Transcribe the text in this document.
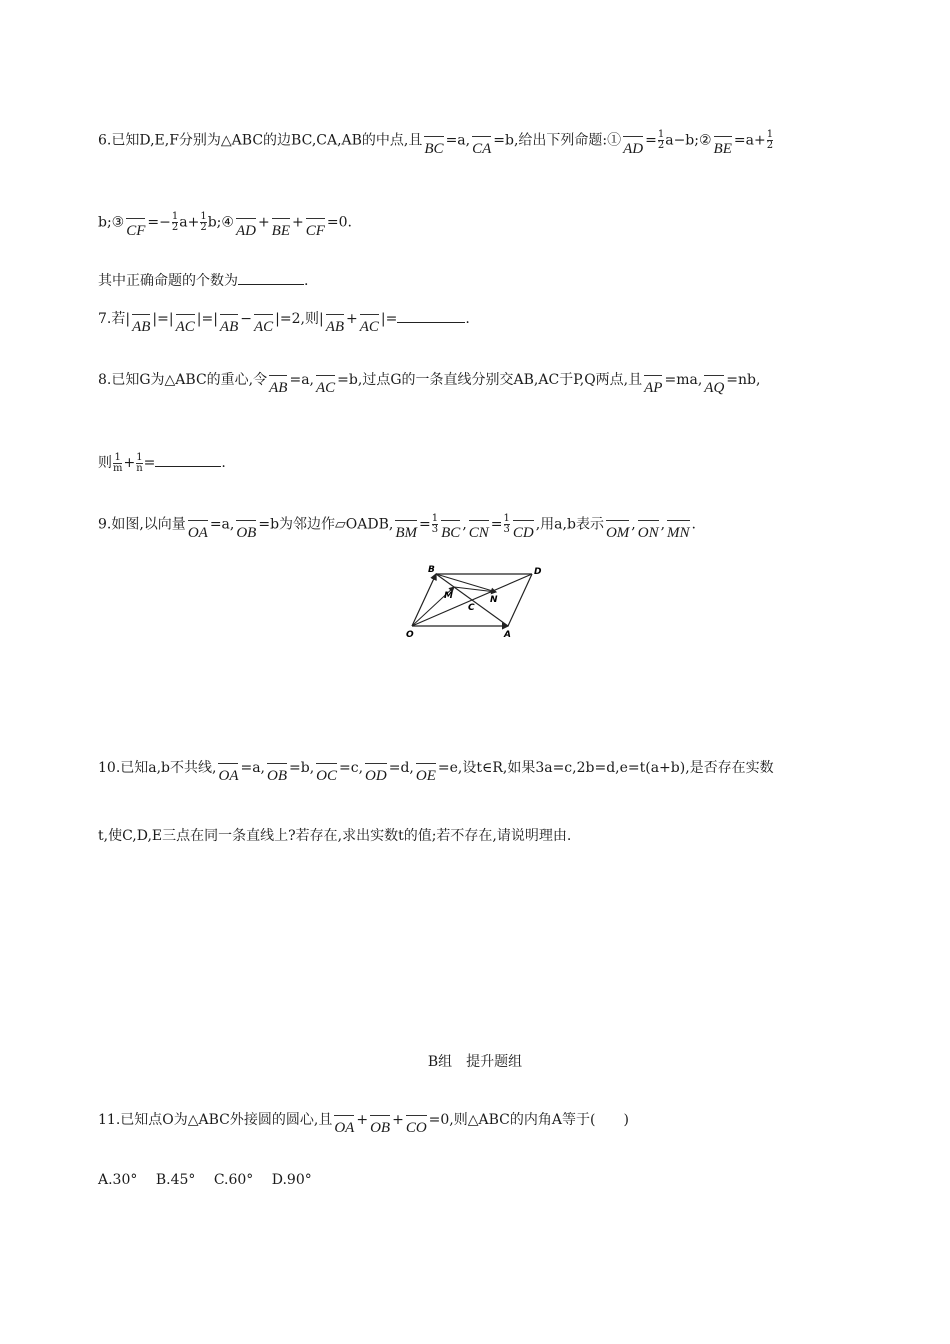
6.已知D,E,F分别为△ABC的边BC,CA,AB的中点,且 BC =a, CA =b,给出下列命题:① AD = $\frac{1}{2}$ a−b;② BE $=a+ \frac{1}{2}$
b;③ CF =− $\frac{1}{2} a+ \frac{1}{2}$ b;④ AD + BE + CF =0.
其中正确命题的个数为	.
7.若| AB |=| AC |=| AB − AC |=2,则| AB + AC |=	.
8.已知G为△ABC的重心,令 AB =a, AC =b,过点G的一条直线分别交AB,AC于P,Q两点,且 AP =ma, AQ =nb,
则 $\frac{1}{m} + \frac{1}{n}$ =	.
9.如图,以向量 OA =a, OB =b为邻边作▱OADB, BM = $\frac{1}{3}$ BC , CN = $\frac{1}{3}$ CD ,用a,b表示 OM , ON , MN .
O	A
B	D
M
C
N
10.已知a,b不共线, OA =a, OB =b, OC =c, OD =d, OE =e,设t∈R,如果3a=c,2b=d,e=t(a+b),是否存在实数
t,使C,D,E三点在同一条直线上?若存在,求出实数t的值;若不存在,请说明理由.
B组　提升题组
11.已知点O为△ABC外接圆的圆心,且 OA + OB + CO =0,则△ABC的内角A等于(　　)
A.30°　 B.45°　 C.60°　 D.90°
